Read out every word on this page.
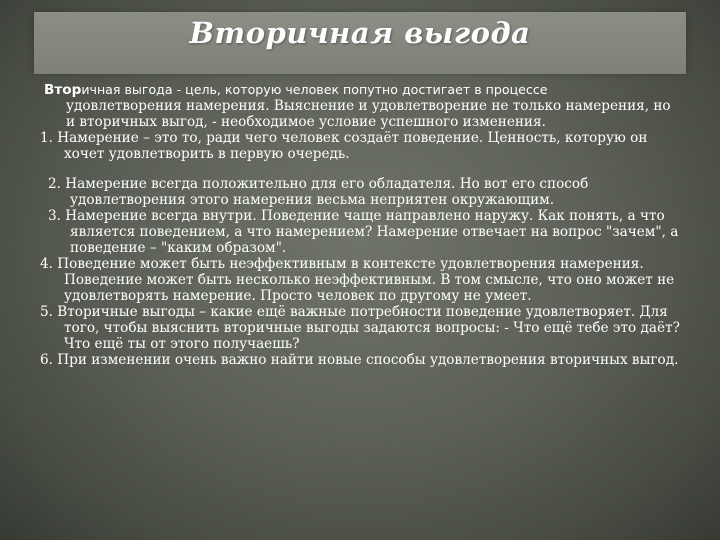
Вторичная выгода

Вторичная выгода - цель, которую человек попутно достигает в процессе
удовлетворения намерения. Выяснение и удовлетворение не только намерения, но и вторичных выгод, - необходимое условие успешного изменения.

1. Намерение – это то, ради чего человек создаёт поведение. Ценность, которую он хочет удовлетворить в первую очередь.

2. Намерение всегда положительно для его обладателя. Но вот его способ удовлетворения этого намерения весьма неприятен окружающим.

3. Намерение всегда внутри. Поведение чаще направлено наружу. Как понять, а что является поведением, а что намерением? Намерение отвечает на вопрос "зачем", а поведение – "каким образом".

4. Поведение может быть неэффективным в контексте удовлетворения намерения. Поведение может быть несколько неэффективным. В том смысле, что оно может не удовлетворять намерение. Просто человек по другому не умеет.

5. Вторичные выгоды – какие ещё важные потребности поведение удовлетворяет. Для того, чтобы выяснить вторичные выгоды задаются вопросы: - Что ещё тебе это даёт? Что ещё ты от этого получаешь?

6. При изменении очень важно найти новые способы удовлетворения вторичных выгод.
